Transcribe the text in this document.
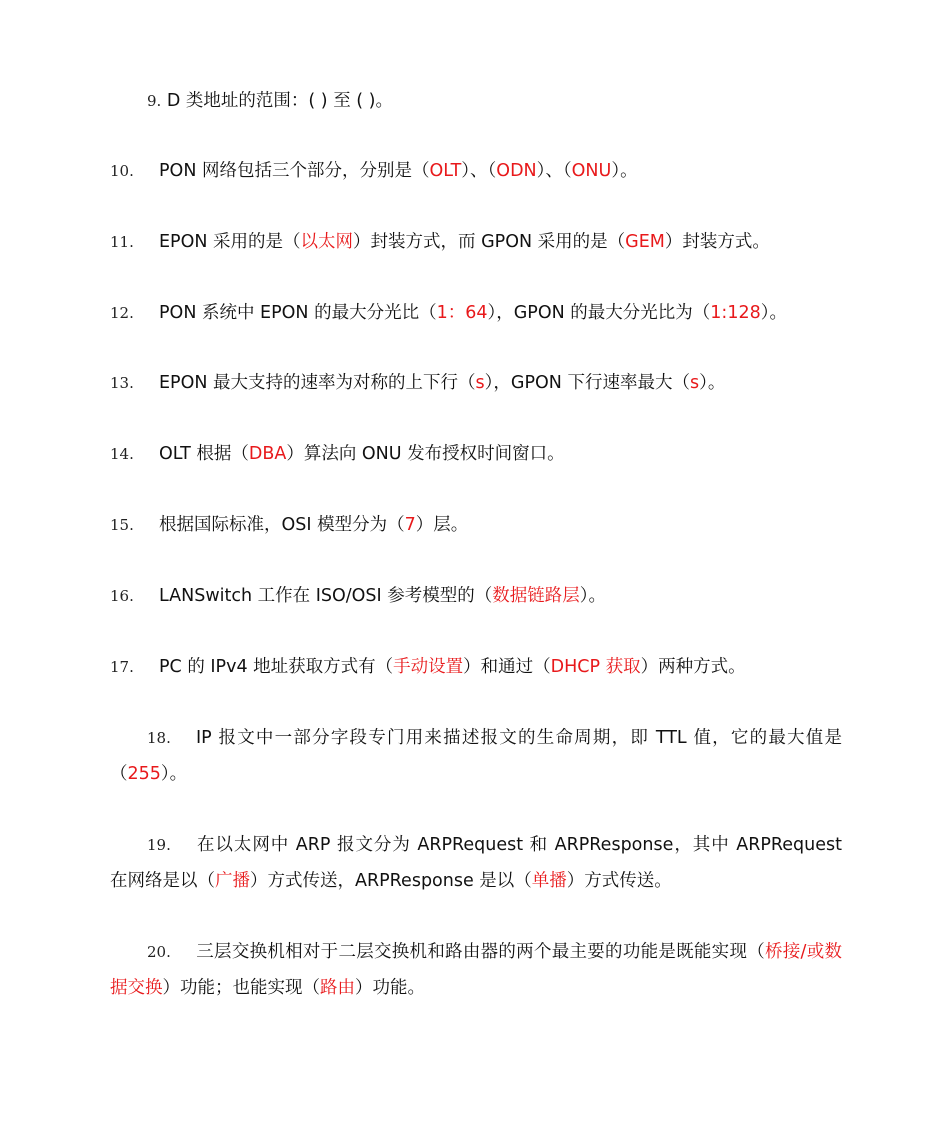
9. D 类地址的范围：( ) 至 ( )。
10. PON 网络包括三个部分，分别是（OLT）、（ODN）、（ONU）。
11. EPON 采用的是（以太网）封装方式，而 GPON 采用的是（GEM）封装方式。
12. PON 系统中 EPON 的最大分光比（1：64），GPON 的最大分光比为（1:128）。
13. EPON 最大支持的速率为对称的上下行（s），GPON 下行速率最大（s）。
14. OLT 根据（DBA）算法向 ONU 发布授权时间窗口。
15. 根据国际标准，OSI 模型分为（7）层。
16. LANSwitch 工作在 ISO/OSI 参考模型的（数据链路层）。
17. PC 的 IPv4 地址获取方式有（手动设置）和通过（DHCP 获取）两种方式。
18. IP 报文中一部分字段专门用来描述报文的生命周期，即 TTL 值，它的最大值是（255）。
19. 在以太网中 ARP 报文分为 ARPRequest 和 ARPResponse，其中 ARPRequest 在网络是以（广播）方式传送，ARPResponse 是以（单播）方式传送。
20. 三层交换机相对于二层交换机和路由器的两个最主要的功能是既能实现（桥接/或数据交换）功能；也能实现（路由）功能。
